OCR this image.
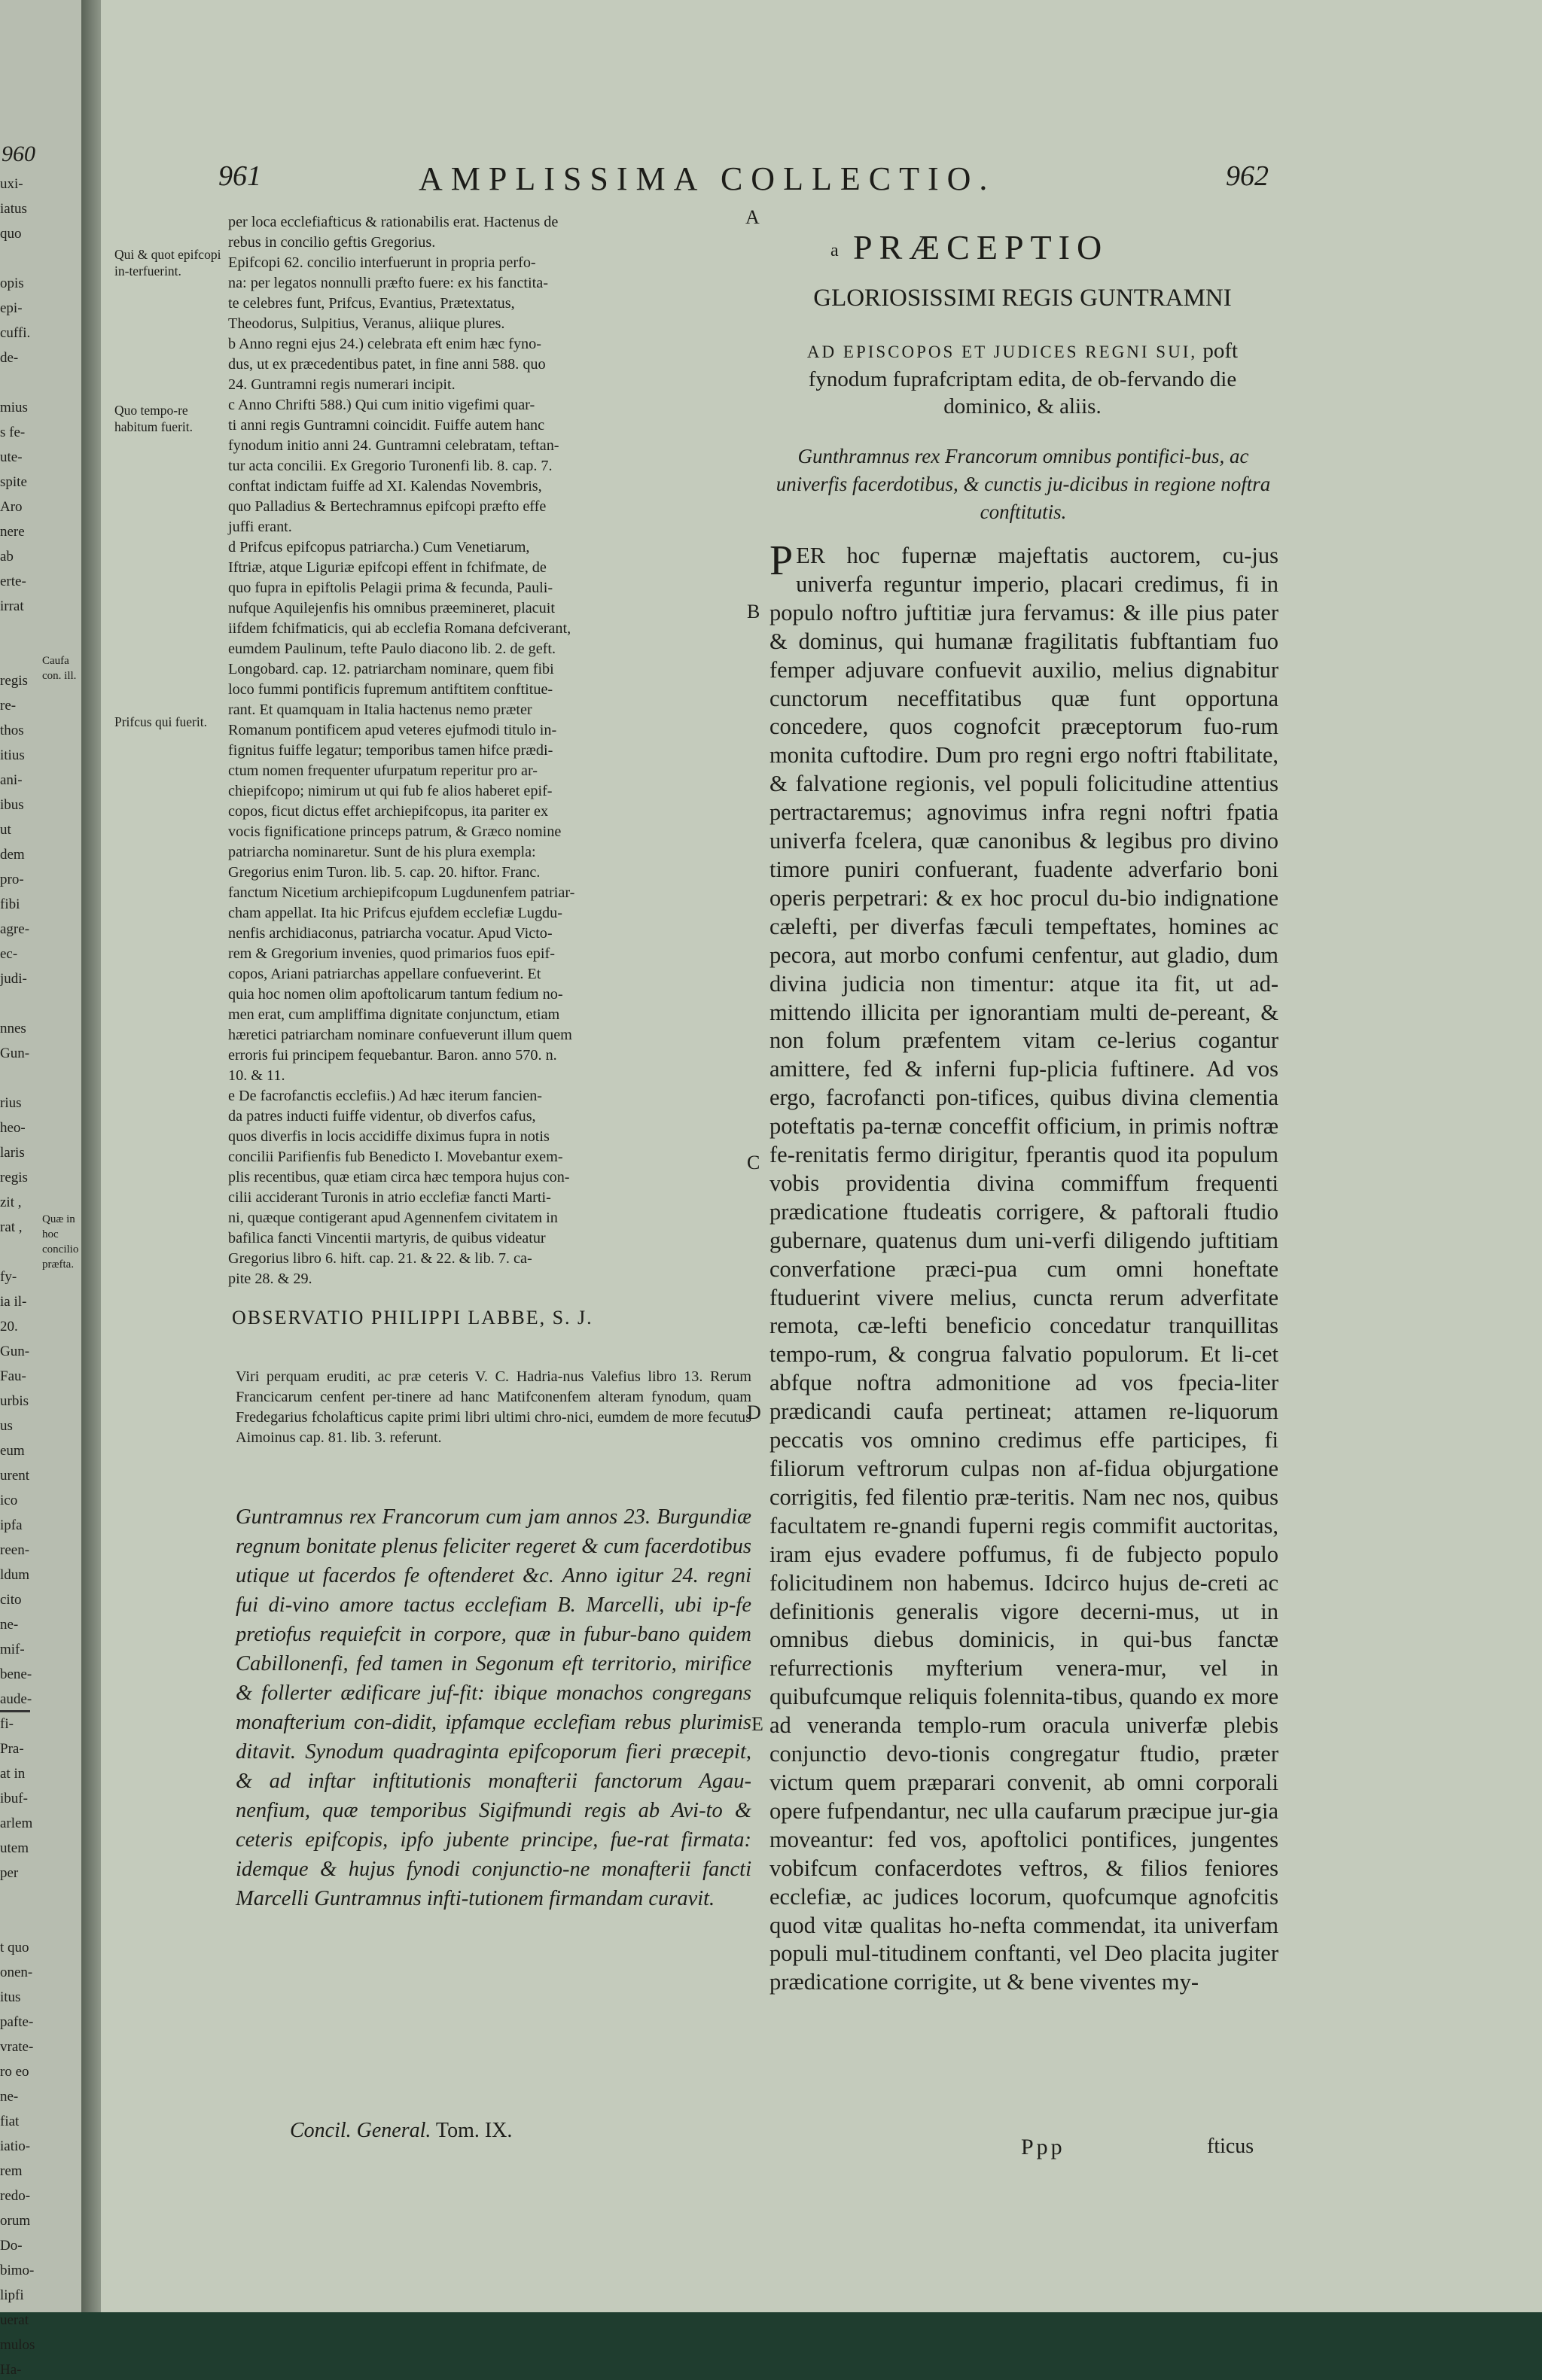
960
uxi-
iatus
quo
opis
epi-
cuffi.
de-
mius
s fe-
ute-
spite
Aro
nere
ab
erte-
irrat
regis
re-
thos
itius
ani-
ibus
ut
dem
pro-
fibi
agre-
ec-
judi-
nnes
Gun-
rius
heo-
laris
regis
zit ,
rat ,
fy-
ia il-
20.
Gun-
Fau-
urbis
us
eum
urent
ico
ipfa
reen-
ldum
cito
ne-
mif-
bene-
aude-
fi-
Pra-
at in
ibuf-
arlem
utem
per
t quo
onen-
itus
pafte-
vrate-
ro eo
ne-
fiat
iatio-
rem
redo-
orum
Do-
bimo-
lipfi
uerat
mulos
Ha-
Caufa con. ill.
Quæ in hoc concilio præfta.
961	AMPLISSIMA COLLECTIO.	962

per loca ecclefiafticus & rationabilis erat. Hactenus de

rebus in concilio geftis Gregorius.

Epifcopi 62. concilio interfuerunt in propria perfo-

na: per legatos nonnulli præfto fuere: ex his fanctita-

te celebres funt, Prifcus, Evantius, Prætextatus,

Theodorus, Sulpitius, Veranus, aliique plures.

b Anno regni ejus 24.) celebrata eft enim hæc fyno-

dus, ut ex præcedentibus patet, in fine anni 588. quo

24. Guntramni regis numerari incipit.

c Anno Chrifti 588.) Qui cum initio vigefimi quar-

ti anni regis Guntramni coincidit. Fuiffe autem hanc

fynodum initio anni 24. Guntramni celebratam, teftan-

tur acta concilii. Ex Gregorio Turonenfi lib. 8. cap. 7.

conftat indictam fuiffe ad XI. Kalendas Novembris,

quo Palladius & Bertechramnus epifcopi præfto effe

juffi erant.

d Prifcus epifcopus patriarcha.) Cum Venetiarum,

Iftriæ, atque Liguriæ epifcopi effent in fchifmate, de

quo fupra in epiftolis Pelagii prima & fecunda, Pauli-

nufque Aquilejenfis his omnibus præemineret, placuit

iifdem fchifmaticis, qui ab ecclefia Romana defciverant,

eumdem Paulinum, tefte Paulo diacono lib. 2. de geft.

Longobard. cap. 12. patriarcham nominare, quem fibi

loco fummi pontificis fupremum antiftitem conftitue-

rant. Et quamquam in Italia hactenus nemo præter

Romanum pontificem apud veteres ejufmodi titulo in-

fignitus fuiffe legatur; temporibus tamen hifce prædi-

ctum nomen frequenter ufurpatum reperitur pro ar-

chiepifcopo; nimirum ut qui fub fe alios haberet epif-

copos, ficut dictus effet archiepifcopus, ita pariter ex

vocis fignificatione princeps patrum, & Græco nomine

patriarcha nominaretur. Sunt de his plura exempla:

Gregorius enim Turon. lib. 5. cap. 20. hiftor. Franc.

fanctum Nicetium archiepifcopum Lugdunenfem patriar-

cham appellat. Ita hic Prifcus ejufdem ecclefiæ Lugdu-

nenfis archidiaconus, patriarcha vocatur. Apud Victo-

rem & Gregorium invenies, quod primarios fuos epif-

copos, Ariani patriarchas appellare confueverint. Et

quia hoc nomen olim apoftolicarum tantum fedium no-

men erat, cum ampliffima dignitate conjunctum, etiam

hæretici patriarcham nominare confueverunt illum quem

erroris fui principem fequebantur. Baron. anno 570. n.

10. & 11.

e De facrofanctis ecclefiis.) Ad hæc iterum fancien-

da patres inducti fuiffe videntur, ob diverfos cafus,

quos diverfis in locis accidiffe diximus fupra in notis

concilii Parifienfis fub Benedicto I. Movebantur exem-

plis recentibus, quæ etiam circa hæc tempora hujus con-

cilii acciderant Turonis in atrio ecclefiæ fancti Marti-

ni, quæque contigerant apud Agennenfem civitatem in

bafilica fancti Vincentii martyris, de quibus videatur

Gregorius libro 6. hift. cap. 21. & 22. & lib. 7. ca-

pite 28. & 29.

Qui & quot epifcopi in-terfuerint.
Quo tempo-re habitum fuerit.
Prifcus qui fuerit.
A
B
C
D
E
OBSERVATIO PHILIPPI LABBE, S. J.
Viri perquam eruditi, ac præ ceteris V. C. Hadria-nus Valefius libro 13. Rerum Francicarum cenfent per-tinere ad hanc Matifconenfem alteram fynodum, quam Fredegarius fcholafticus capite primi libri ultimi chro-nici, eumdem de more fecutus Aimoinus cap. 81. lib. 3. referunt.
Guntramnus rex Francorum cum jam annos 23. Burgundiæ regnum bonitate plenus feliciter regeret & cum facerdotibus utique ut facerdos fe oftenderet &c. Anno igitur 24. regni fui di-vino amore tactus ecclefiam B. Marcelli, ubi ip-fe pretiofus requiefcit in corpore, quæ in fubur-bano quidem Cabillonenfi, fed tamen in Segonum eft territorio, mirifice & follerter ædificare juf-fit: ibique monachos congregans monafterium con-didit, ipfamque ecclefiam rebus plurimis ditavit. Synodum quadraginta epifcoporum fieri præcepit, & ad inftar inftitutionis monafterii fanctorum Agau-nenfium, quæ temporibus Sigifmundi regis ab Avi-to & ceteris epifcopis, ipfo jubente principe, fue-rat firmata: idemque & hujus fynodi conjunctio-ne monafterii fancti Marcelli Guntramnus infti-tutionem firmandam curavit.
Concil. General. Tom. IX.
a PRÆCEPTIO
GLORIOSISSIMI REGIS GUNTRAMNI
AD EPISCOPOS ET JUDICES REGNI SUI, poft fynodum fuprafcriptam edita, de ob-fervando die dominico, & aliis.
Gunthramnus rex Francorum omnibus pontifici-bus, ac univerfis facerdotibus, & cunctis ju-dicibus in regione noftra conftitutis.
P ER hoc fupernæ majeftatis auctorem, cu-jus univerfa reguntur imperio, placari credimus, fi in populo noftro juftitiæ jura fervamus: & ille pius pater & dominus, qui humanæ fragilitatis fubftantiam fuo femper adjuvare confuevit auxilio, melius dignabitur cunctorum neceffitatibus quæ funt opportuna concedere, quos cognofcit præceptorum fuo-rum monita cuftodire. Dum pro regni ergo noftri ftabilitate, & falvatione regionis, vel populi folicitudine attentius pertractaremus; agnovimus infra regni noftri fpatia univerfa fcelera, quæ canonibus & legibus pro divino timore puniri confuerant, fuadente adverfario boni operis perpetrari: & ex hoc procul du-bio indignatione cælefti, per diverfas fæculi tempeftates, homines ac pecora, aut morbo confumi cenfentur, aut gladio, dum divina judicia non timentur: atque ita fit, ut ad-mittendo illicita per ignorantiam multi de-pereant, & non folum præfentem vitam ce-lerius cogantur amittere, fed & inferni fup-plicia fuftinere. Ad vos ergo, facrofancti pon-tifices, quibus divina clementia poteftatis pa-ternæ conceffit officium, in primis noftræ fe-renitatis fermo dirigitur, fperantis quod ita populum vobis providentia divina commiffum frequenti prædicatione ftudeatis corrigere, & paftorali ftudio gubernare, quatenus dum uni-verfi diligendo juftitiam converfatione præci-pua cum omni honeftate ftuduerint vivere melius, cuncta rerum adverfitate remota, cæ-lefti beneficio concedatur tranquillitas tempo-rum, & congrua falvatio populorum. Et li-cet abfque noftra admonitione ad vos fpecia-liter prædicandi caufa pertineat; attamen re-liquorum peccatis vos omnino credimus effe participes, fi filiorum veftrorum culpas non af-fidua objurgatione corrigitis, fed filentio præ-teritis. Nam nec nos, quibus facultatem re-gnandi fuperni regis commifit auctoritas, iram ejus evadere poffumus, fi de fubjecto populo folicitudinem non habemus. Idcirco hujus de-creti ac definitionis generalis vigore decerni-mus, ut in omnibus diebus dominicis, in qui-bus fanctæ refurrectionis myfterium venera-mur, vel in quibufcumque reliquis folennita-tibus, quando ex more ad veneranda templo-rum oracula univerfæ plebis conjunctio devo-tionis congregatur ftudio, præter victum quem præparari convenit, ab omni corporali opere fufpendantur, nec ulla caufarum præcipue jur-gia moveantur: fed vos, apoftolici pontifices, jungentes vobifcum confacerdotes veftros, & filios feniores ecclefiæ, ac judices locorum, quofcumque agnofcitis quod vitæ qualitas ho-nefta commendat, ita univerfam populi mul-titudinem conftanti, vel Deo placita jugiter prædicatione corrigite, ut & bene viventes my-
Ppp	fticus
